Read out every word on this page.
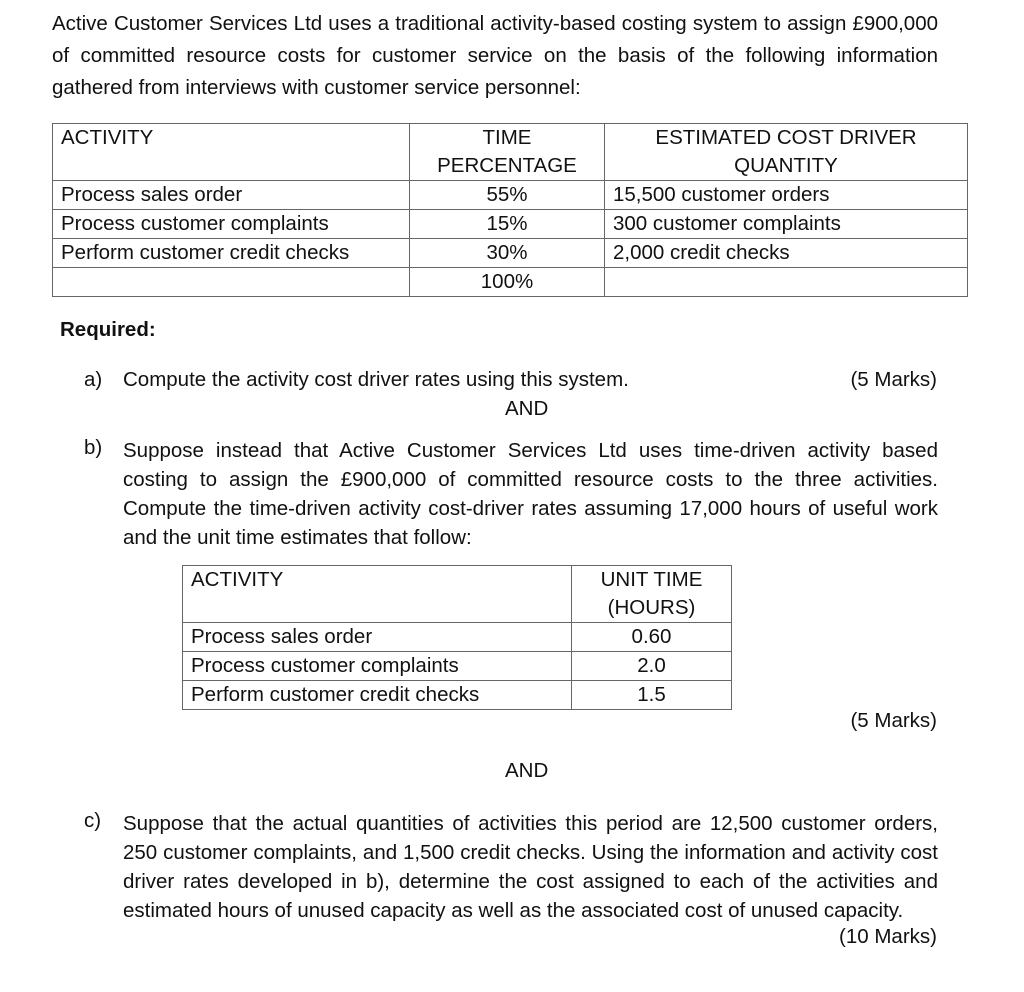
Active Customer Services Ltd uses a traditional activity-based costing system to assign £900,000 of committed resource costs for customer service on the basis of the following information gathered from interviews with customer service personnel:
ACTIVITY	TIME PERCENTAGE	ESTIMATED COST DRIVER QUANTITY
Process sales order	55%	15,500 customer orders
Process customer complaints	15%	300 customer complaints
Perform customer credit checks	30%	2,000 credit checks
	100%	
Required:
a) Compute the activity cost driver rates using this system.	(5 Marks)
AND
b) Suppose instead that Active Customer Services Ltd uses time-driven activity based costing to assign the £900,000 of committed resource costs to the three activities. Compute the time-driven activity cost-driver rates assuming 17,000 hours of useful work and the unit time estimates that follow:
ACTIVITY	UNIT TIME (HOURS)
Process sales order	0.60
Process customer complaints	2.0
Perform customer credit checks	1.5
(5 Marks)
AND
c) Suppose that the actual quantities of activities this period are 12,500 customer orders, 250 customer complaints, and 1,500 credit checks. Using the information and activity cost driver rates developed in b), determine the cost assigned to each of the activities and estimated hours of unused capacity as well as the associated cost of unused capacity.
(10 Marks)
